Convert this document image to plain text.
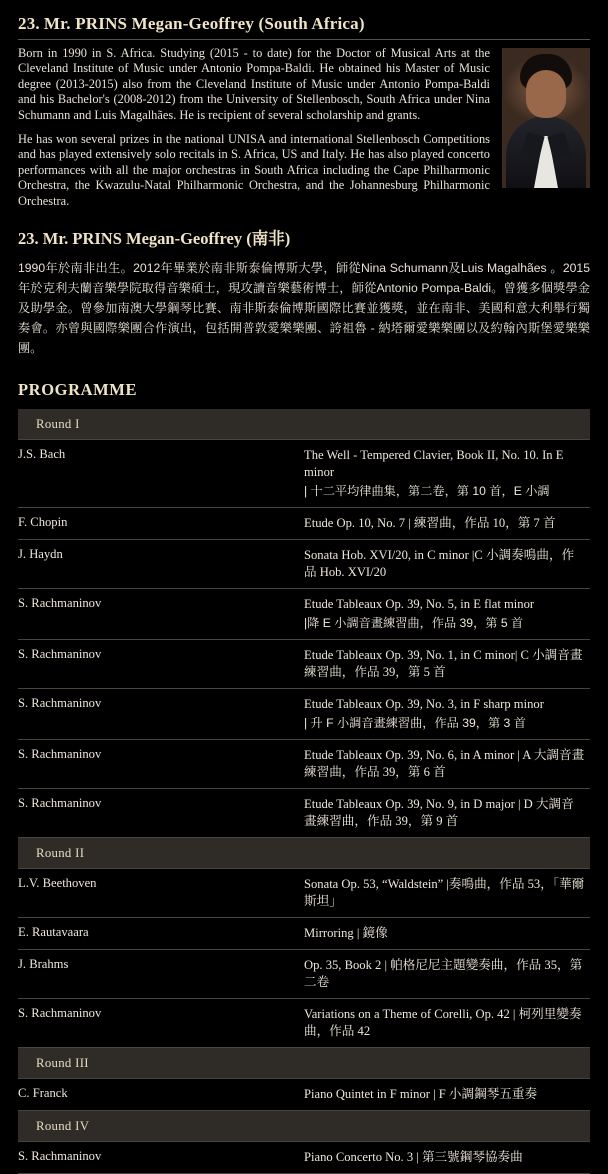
23. Mr. PRINS Megan-Geoffrey (South Africa)

Born in 1990 in S. Africa. Studying (2015 - to date) for the Doctor of Musical Arts at the Cleveland Institute of Music under Antonio Pompa-Baldi. He obtained his Master of Music degree (2013-2015) also from the Cleveland Institute of Music under Antonio Pompa-Baldi and his Bachelor's (2008-2012) from the University of Stellenbosch, South Africa under Nina Schumann and Luis Magalhães. He is recipient of several scholarship and grants.

He has won several prizes in the national UNISA and international Stellenbosch Competitions and has played extensively solo recitals in S. Africa, US and Italy. He has also played concerto performances with all the major orchestras in South Africa including the Cape Philharmonic Orchestra, the Kwazulu-Natal Philharmonic Orchestra, and the Johannesburg Philharmonic Orchestra.

23. Mr. PRINS Megan-Geoffrey (南非)

1990年於南非出生。2012年畢業於南非斯泰倫博斯大學，師從Nina Schumann及Luis Magalhães 。2015年於克利夫蘭音樂學院取得音樂碩士，現攻讀音樂藝術博士，師從Antonio Pompa-Baldi。曾獲多個獎學金及助學金。曾參加南澳大學鋼琴比賽、南非斯泰倫博斯國際比賽並獲獎，並在南非、美國和意大利舉行獨奏會。亦曾與國際樂團合作演出，包括開普敦愛樂樂團、誇祖魯 - 納塔爾愛樂樂團以及約翰內斯堡愛樂樂團。

PROGRAMME
Round I	
J.S. Bach	The Well - Tempered Clavier, Book II, No. 10. In E minor
| 十二平均律曲集，第二卷，第 10 首，E 小調

F. Chopin	Etude Op. 10, No. 7 | 練習曲，作品 10，第 7 首
J. Haydn	Sonata Hob. XVI/20, in C minor |C 小調奏鳴曲，作品 Hob. XVI/20
S. Rachmaninov	Etude Tableaux Op. 39, No. 5, in E flat minor
|降 E 小調音畫練習曲，作品 39，第 5 首

S. Rachmaninov	Etude Tableaux Op. 39, No. 1, in C minor| C 小調音畫練習曲，作品 39，第 5 首
S. Rachmaninov	Etude Tableaux Op. 39, No. 3, in F sharp minor
| 升 F 小調音畫練習曲，作品 39，第 3 首

S. Rachmaninov	Etude Tableaux Op. 39, No. 6, in A minor | A 大調音畫練習曲，作品 39，第 6 首
S. Rachmaninov	Etude Tableaux Op. 39, No. 9, in D major | D 大調音畫練習曲，作品 39，第 9 首
Round II	
L.V. Beethoven	Sonata Op. 53, “Waldstein” |奏鳴曲，作品 53，「華爾斯坦」
E. Rautavaara	Mirroring | 鏡像
J. Brahms	Op. 35, Book 2 | 帕格尼尼主題變奏曲，作品 35，第二卷
S. Rachmaninov	Variations on a Theme of Corelli, Op. 42 | 柯列里變奏曲，作品 42
Round III	
C. Franck	Piano Quintet in F minor | F 小調鋼琴五重奏
Round IV	
S. Rachmaninov	Piano Concerto No. 3 | 第三號鋼琴協奏曲
